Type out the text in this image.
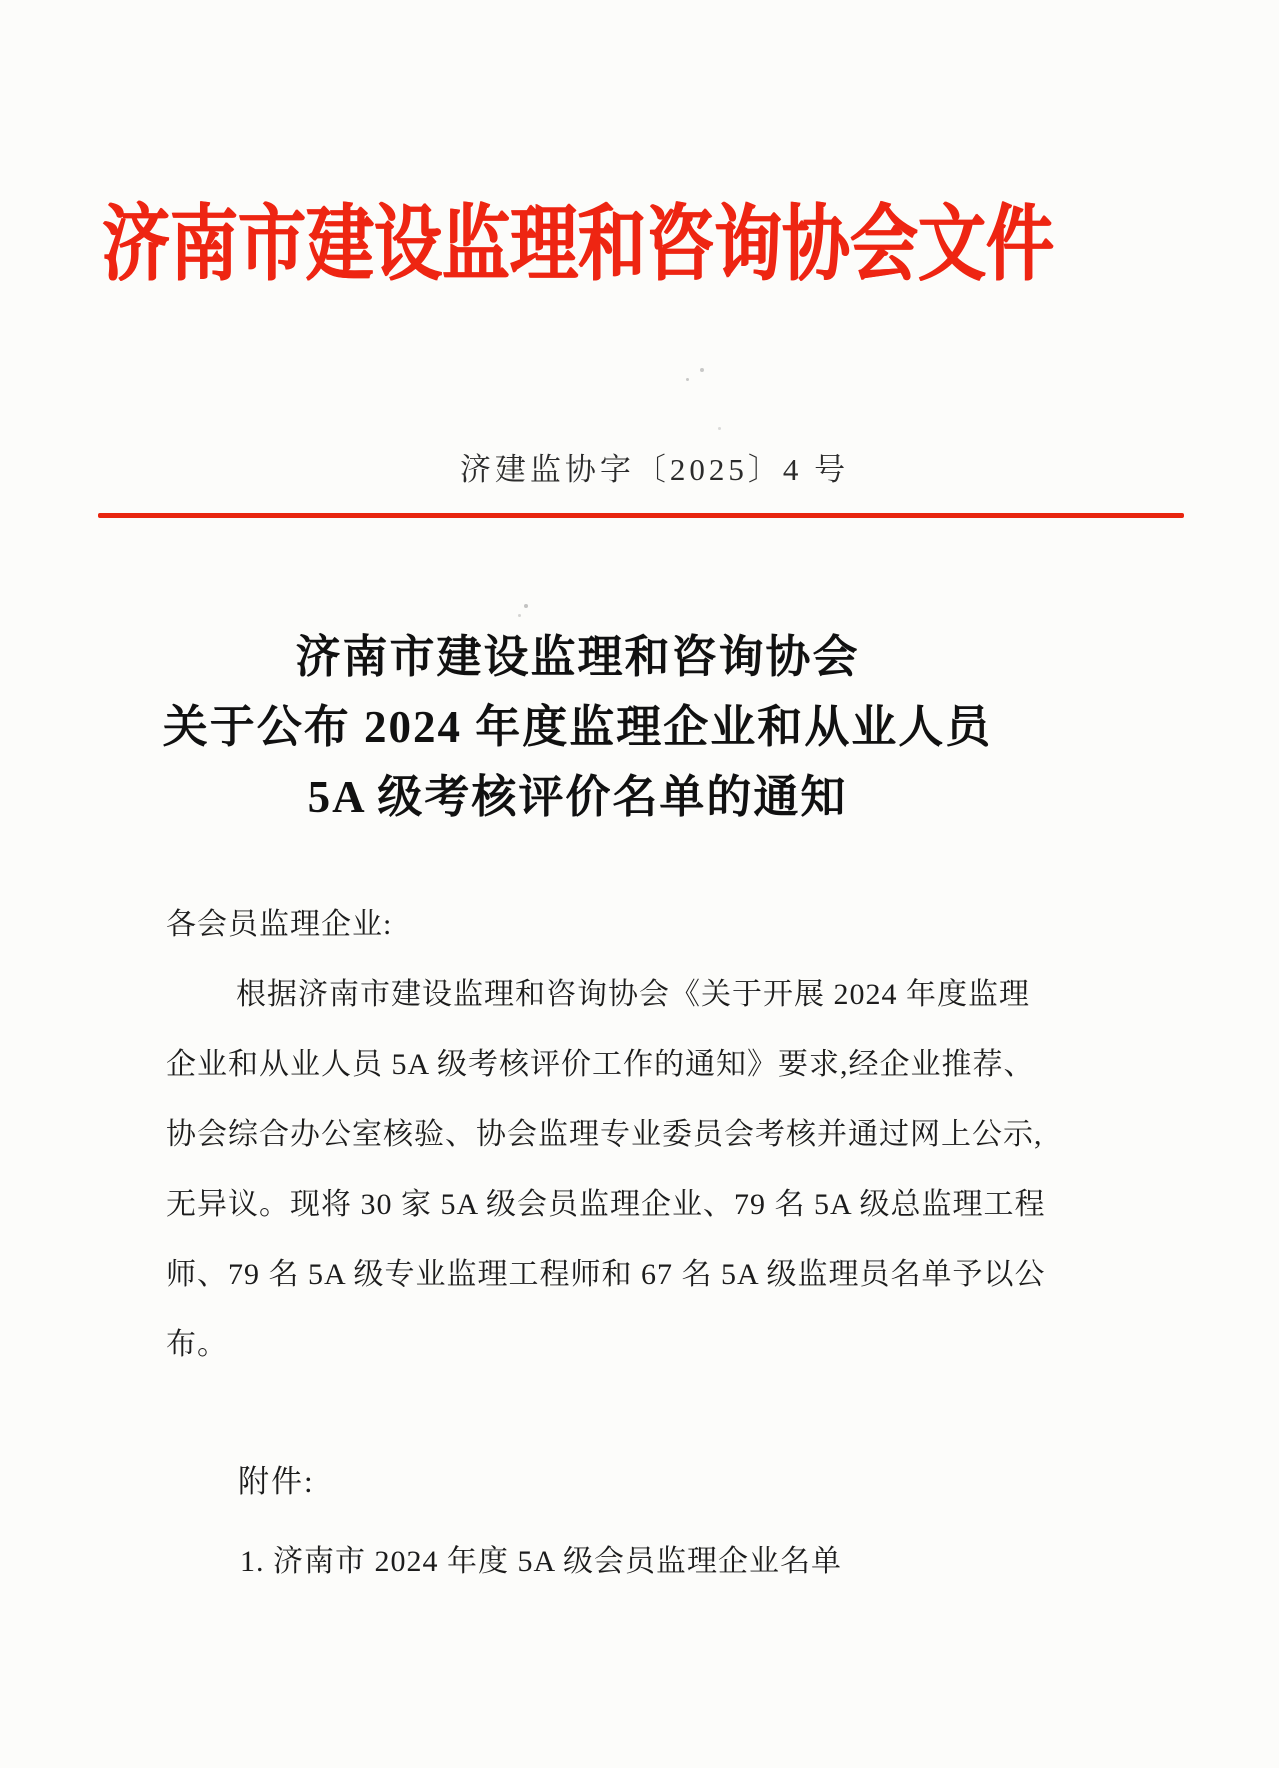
济南市建设监理和咨询协会文件
济建监协字〔2025〕4 号
济南市建设监理和咨询协会
关于公布 2024 年度监理企业和从业人员
5A 级考核评价名单的通知
各会员监理企业:
根据济南市建设监理和咨询协会《关于开展 2024 年度监理
企业和从业人员 5A 级考核评价工作的通知》要求,经企业推荐、
协会综合办公室核验、协会监理专业委员会考核并通过网上公示,
无异议。现将 30 家 5A 级会员监理企业、79 名 5A 级总监理工程
师、79 名 5A 级专业监理工程师和 67 名 5A 级监理员名单予以公
布。
附件:
1. 济南市 2024 年度 5A 级会员监理企业名单
